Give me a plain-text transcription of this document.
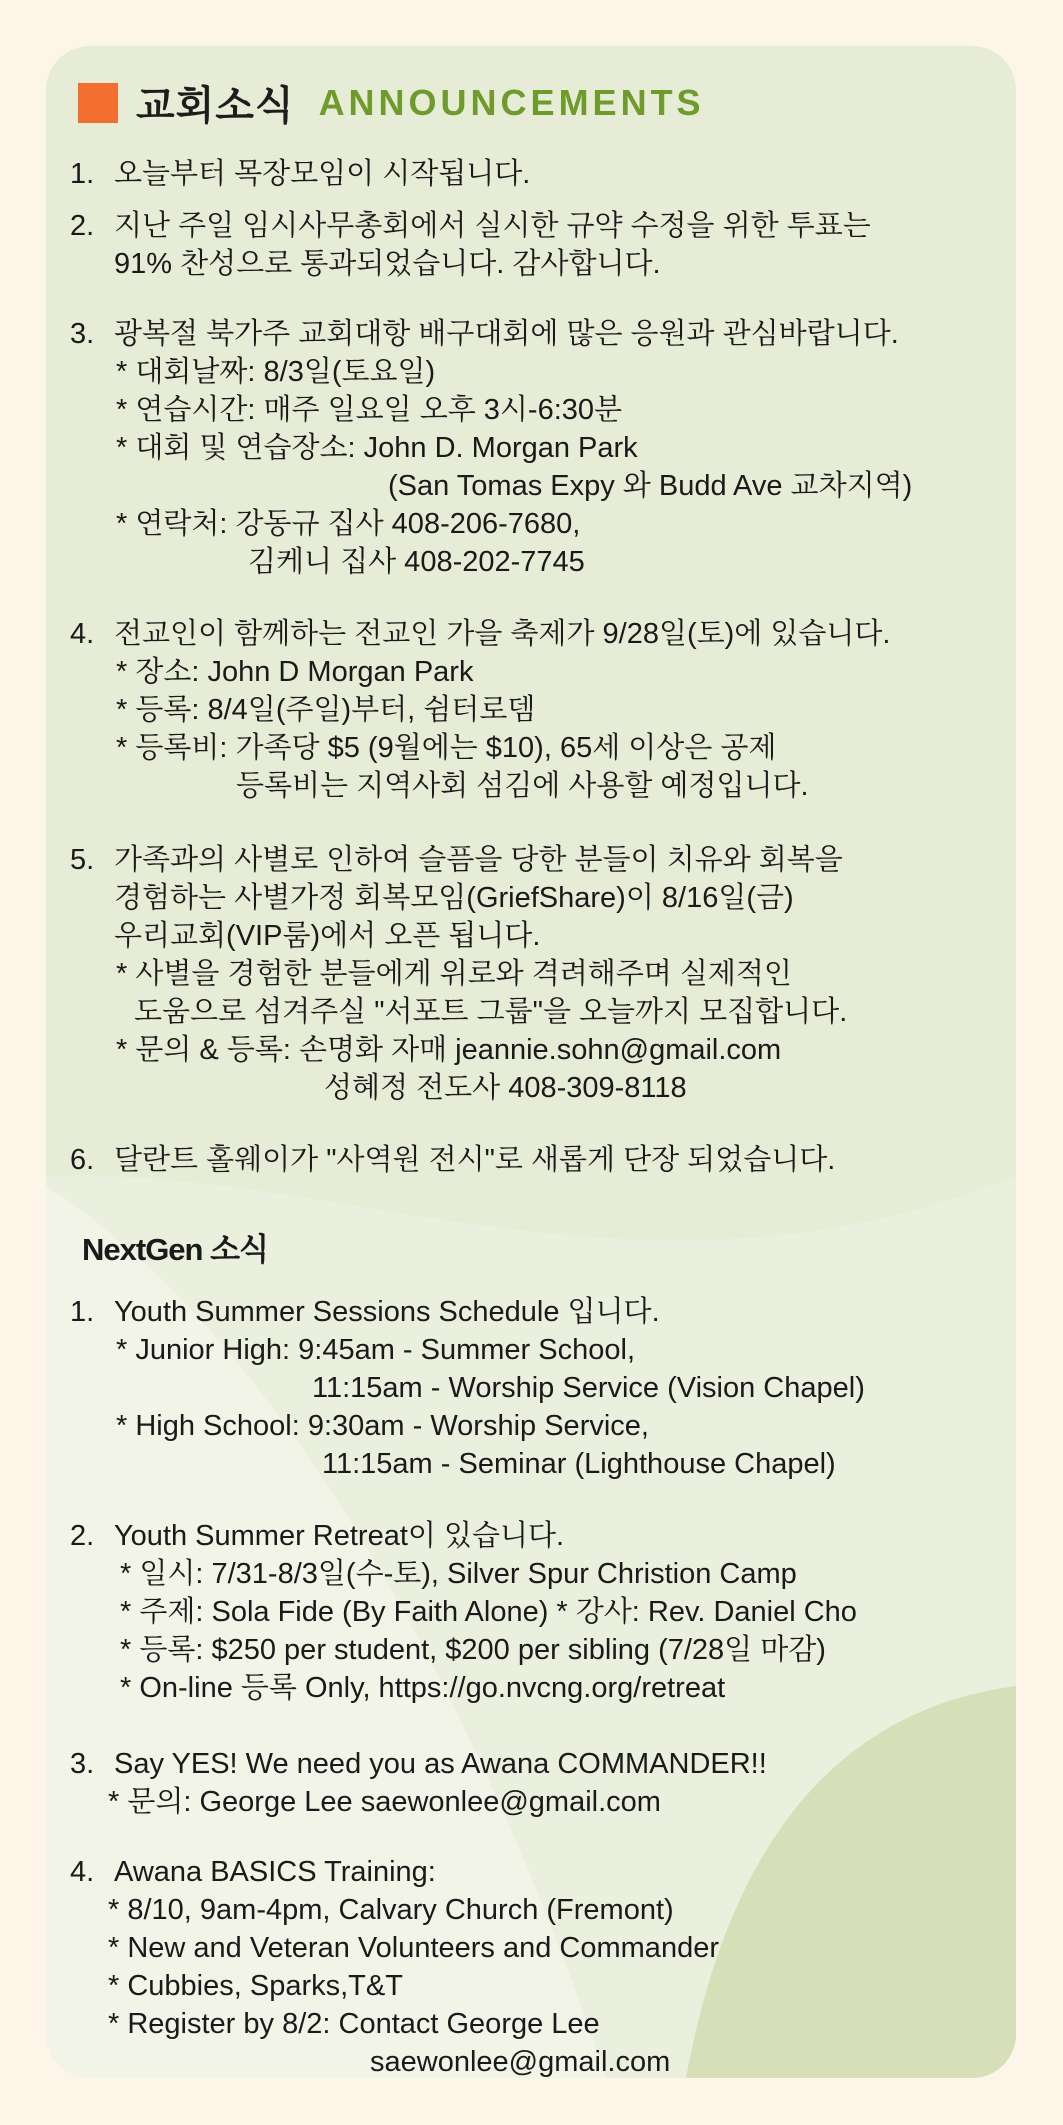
교회소식 ANNOUNCEMENTS
1. 오늘부터 목장모임이 시작됩니다.
2. 지난 주일 임시사무총회에서 실시한 규약 수정을 위한 투표는
91% 찬성으로 통과되었습니다. 감사합니다.
3. 광복절 북가주 교회대항 배구대회에 많은 응원과 관심바랍니다.
* 대회날짜: 8/3일(토요일)
* 연습시간: 매주 일요일 오후 3시-6:30분
* 대회 및 연습장소: John D. Morgan Park
(San Tomas Expy 와 Budd Ave 교차지역)
* 연락처: 강동규 집사 408-206-7680,
김케니 집사 408-202-7745
4. 전교인이 함께하는 전교인 가을 축제가 9/28일(토)에 있습니다.
* 장소: John D Morgan Park
* 등록: 8/4일(주일)부터, 쉼터로뎀
* 등록비: 가족당 $5 (9월에는 $10), 65세 이상은 공제
등록비는 지역사회 섬김에 사용할 예정입니다.
5. 가족과의 사별로 인하여 슬픔을 당한 분들이 치유와 회복을
경험하는 사별가정 회복모임(GriefShare)이 8/16일(금)
우리교회(VIP룸)에서 오픈 됩니다.
* 사별을 경험한 분들에게 위로와 격려해주며 실제적인
도움으로 섬겨주실 "서포트 그룹"을 오늘까지 모집합니다.
* 문의 & 등록: 손명화 자매 jeannie.sohn@gmail.com
성혜정 전도사 408-309-8118
6. 달란트 홀웨이가 "사역원 전시"로 새롭게 단장 되었습니다.
NextGen 소식
1. Youth Summer Sessions Schedule 입니다.
* Junior High: 9:45am - Summer School,
11:15am - Worship Service (Vision Chapel)
* High School: 9:30am - Worship Service,
11:15am - Seminar (Lighthouse Chapel)
2. Youth Summer Retreat이 있습니다.
* 일시: 7/31-8/3일(수-토), Silver Spur Christion Camp
* 주제: Sola Fide (By Faith Alone) * 강사: Rev. Daniel Cho
* 등록: $250 per student, $200 per sibling (7/28일 마감)
* On-line 등록 Only, https://go.nvcng.org/retreat
3. Say YES! We need you as Awana COMMANDER!!
* 문의: George Lee saewonlee@gmail.com
4. Awana BASICS Training:
* 8/10, 9am-4pm, Calvary Church (Fremont)
* New and Veteran Volunteers and Commander
* Cubbies, Sparks,T&T
* Register by 8/2: Contact George Lee
saewonlee@gmail.com
